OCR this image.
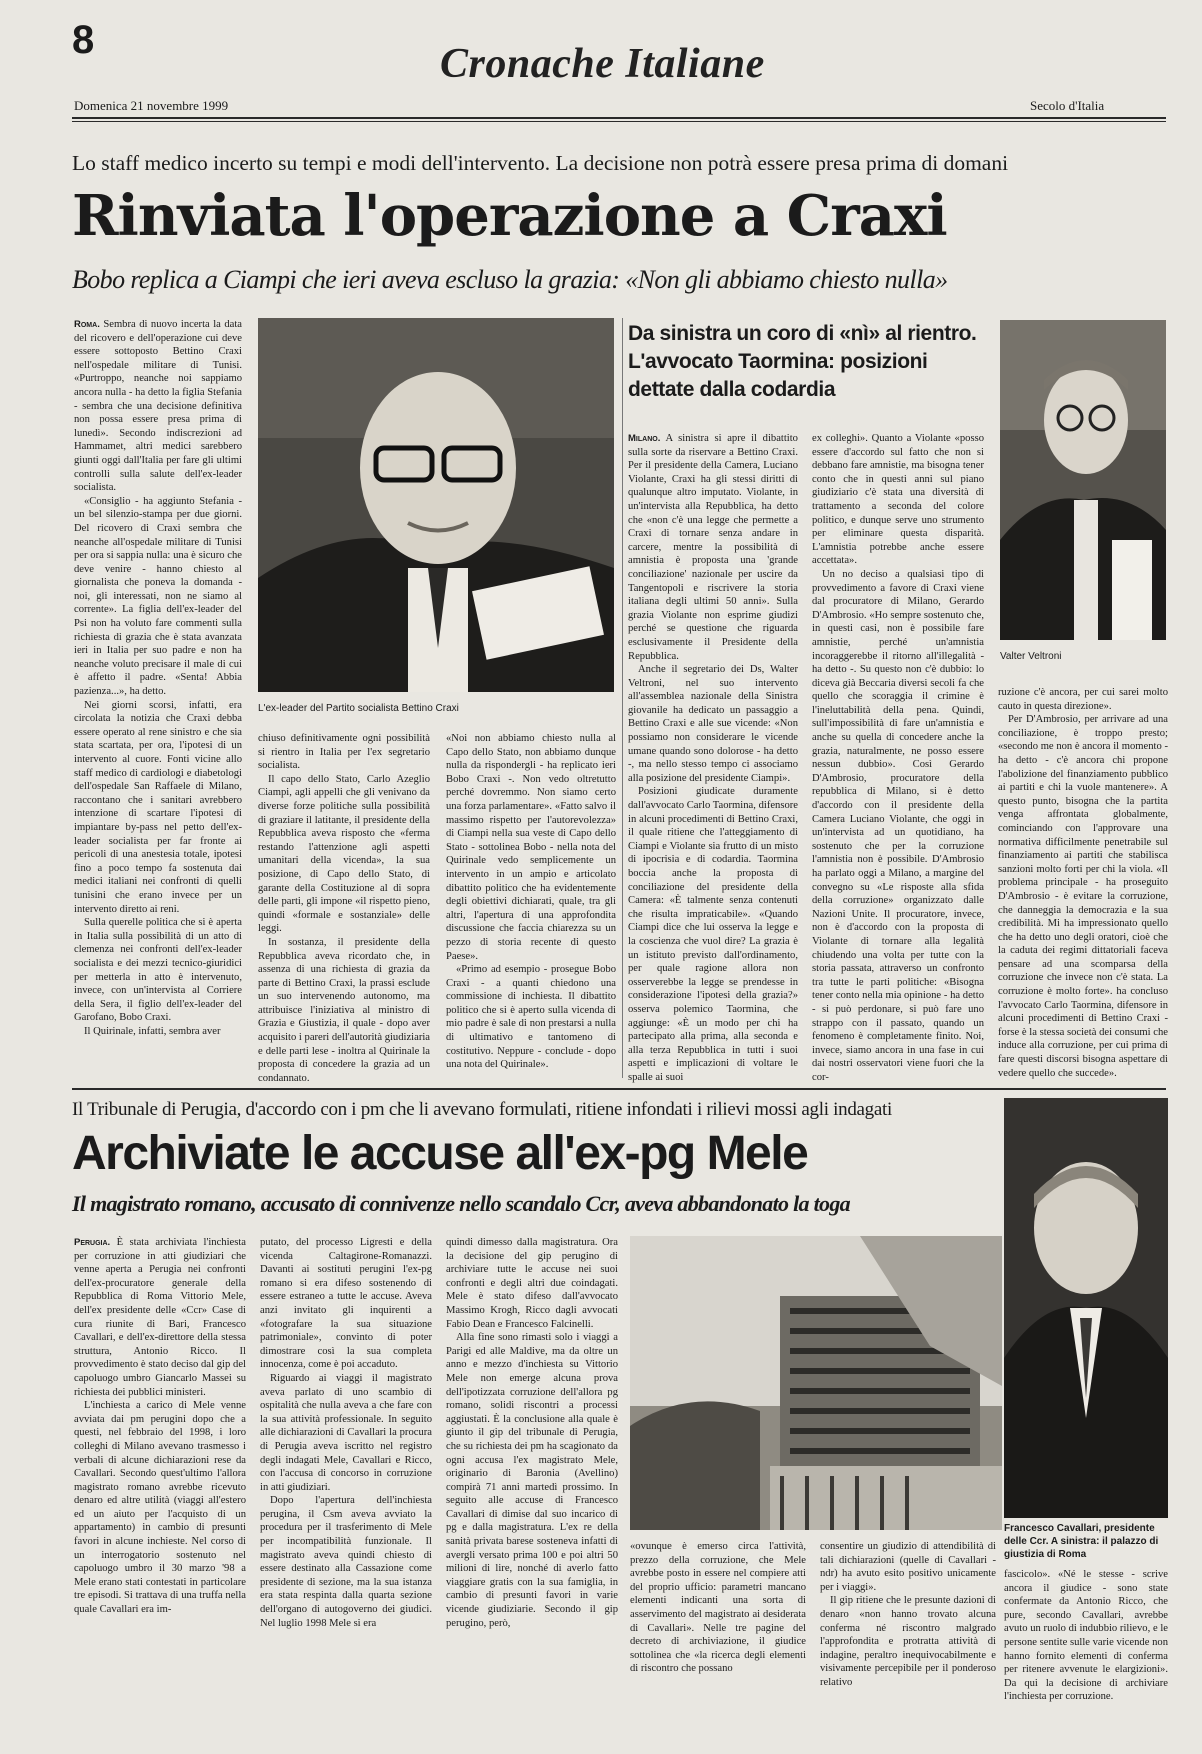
8
Cronache Italiane
Domenica 21 novembre 1999	Secolo d'Italia
Lo staff medico incerto su tempi e modi dell'intervento. La decisione non potrà essere presa prima di domani
Rinviata l'operazione a Craxi
Bobo replica a Ciampi che ieri aveva escluso la grazia: «Non gli abbiamo chiesto nulla»

Roma. Sembra di nuovo incerta la data del ricovero e dell'operazione cui deve essere sottoposto Bettino Craxi nell'ospedale militare di Tunisi. «Purtroppo, neanche noi sappiamo ancora nulla - ha detto la figlia Stefania - sembra che una decisione definitiva non possa essere presa prima di lunedì». Secondo indiscrezioni ad Hammamet, altri medici sarebbero giunti oggi dall'Italia per fare gli ultimi controlli sulla salute dell'ex-leader socialista.

«Consiglio - ha aggiunto Stefania - un bel silenzio-stampa per due giorni. Del ricovero di Craxi sembra che neanche all'ospedale militare di Tunisi per ora si sappia nulla: una è sicuro che deve venire - hanno chiesto al giornalista che poneva la domanda - noi, gli interessati, non ne siamo al corrente». La figlia dell'ex-leader del Psi non ha voluto fare commenti sulla richiesta di grazia che è stata avanzata ieri in Italia per suo padre e non ha neanche voluto precisare il male di cui è affetto il padre. «Senta! Abbia pazienza...», ha detto.

Nei giorni scorsi, infatti, era circolata la notizia che Craxi debba essere operato al rene sinistro e che sia stata scartata, per ora, l'ipotesi di un intervento al cuore. Fonti vicine allo staff medico di cardiologi e diabetologi dell'ospedale San Raffaele di Milano, raccontano che i sanitari avrebbero intenzione di scartare l'ipotesi di impiantare by-pass nel petto dell'ex-leader socialista per far fronte ai pericoli di una anestesia totale, ipotesi fino a poco tempo fa sostenuta dai medici italiani nei confronti di quelli tunisini che erano invece per un intervento diretto ai reni.

Sulla querelle politica che si è aperta in Italia sulla possibilità di un atto di clemenza nei confronti dell'ex-leader socialista e dei mezzi tecnico-giuridici per metterla in atto è intervenuto, invece, con un'intervista al Corriere della Sera, il figlio dell'ex-leader del Garofano, Bobo Craxi.

Il Quirinale, infatti, sembra aver

L'ex-leader del Partito socialista Bettino Craxi

chiuso definitivamente ogni possibilità si rientro in Italia per l'ex segretario socialista.

Il capo dello Stato, Carlo Azeglio Ciampi, agli appelli che gli venivano da diverse forze politiche sulla possibilità di graziare il latitante, il presidente della Repubblica aveva risposto che «ferma restando l'attenzione agli aspetti umanitari della vicenda», la sua posizione, di Capo dello Stato, di garante della Costituzione al di sopra delle parti, gli impone «il rispetto pieno, quindi «formale e sostanziale» delle leggi.

In sostanza, il presidente della Repubblica aveva ricordato che, in assenza di una richiesta di grazia da parte di Bettino Craxi, la prassi esclude un suo intervenendo autonomo, ma attribuisce l'iniziativa al ministro di Grazia e Giustizia, il quale - dopo aver acquisito i pareri dell'autorità giudiziaria e delle parti lese - inoltra al Quirinale la proposta di concedere la grazia ad un condannato.

«Noi non abbiamo chiesto nulla al Capo dello Stato, non abbiamo dunque nulla da rispondergli - ha replicato ieri Bobo Craxi -. Non vedo oltretutto perché dovremmo. Non siamo certo una forza parlamentare». «Fatto salvo il massimo rispetto per l'autorevolezza» di Ciampi nella sua veste di Capo dello Stato - sottolinea Bobo - nella nota del Quirinale vedo semplicemente un intervento in un ampio e articolato dibattito politico che ha evidentemente degli obiettivi dichiarati, quale, tra gli altri, l'apertura di una approfondita discussione che faccia chiarezza su un pezzo di storia recente di questo Paese».

«Primo ad esempio - prosegue Bobo Craxi - a quanti chiedono una commissione di inchiesta. Il dibattito politico che si è aperto sulla vicenda di mio padre è sale di non prestarsi a nulla di ultimativo e tantomeno di costitutivo. Neppure - conclude - dopo una nota del Quirinale».

Da sinistra un coro di «nì» al rientro. L'avvocato Taormina: posizioni dettate dalla codardia
Valter Veltroni

Milano. A sinistra si apre il dibattito sulla sorte da riservare a Bettino Craxi. Per il presidente della Camera, Luciano Violante, Craxi ha gli stessi diritti di qualunque altro imputato. Violante, in un'intervista alla Repubblica, ha detto che «non c'è una legge che permette a Craxi di tornare senza andare in carcere, mentre la possibilità di amnistia è proposta una 'grande conciliazione' nazionale per uscire da Tangentopoli e riscrivere la storia italiana degli ultimi 50 anni». Sulla grazia Violante non esprime giudizi perché se questione che riguarda esclusivamente il Presidente della Repubblica.

Anche il segretario dei Ds, Walter Veltroni, nel suo intervento all'assemblea nazionale della Sinistra giovanile ha dedicato un passaggio a Bettino Craxi e alle sue vicende: «Non possiamo non considerare le vicende umane quando sono dolorose - ha detto -, ma nello stesso tempo ci associamo alla posizione del presidente Ciampi».

Posizioni giudicate duramente dall'avvocato Carlo Taormina, difensore in alcuni procedimenti di Bettino Craxi, il quale ritiene che l'atteggiamento di Ciampi e Violante sia frutto di un misto di ipocrisia e di codardia. Taormina boccia anche la proposta di conciliazione del presidente della Camera: «È talmente senza contenuti che risulta impraticabile». «Quando Ciampi dice che lui osserva la legge e la coscienza che vuol dire? La grazia è un istituto previsto dall'ordinamento, per quale ragione allora non osserverebbe la legge se prendesse in considerazione l'ipotesi della grazia?» osserva polemico Taormina, che aggiunge: «È un modo per chi ha partecipato alla prima, alla seconda e alla terza Repubblica in tutti i suoi aspetti e implicazioni di voltare le spalle ai suoi

ex colleghi». Quanto a Violante «posso essere d'accordo sul fatto che non si debbano fare amnistie, ma bisogna tener conto che in questi anni sul piano giudiziario c'è stata una diversità di trattamento a seconda del colore politico, e dunque serve uno strumento per eliminare questa disparità. L'amnistia potrebbe anche essere accettata».

Un no deciso a qualsiasi tipo di provvedimento a favore di Craxi viene dal procuratore di Milano, Gerardo D'Ambrosio. «Ho sempre sostenuto che, in questi casi, non è possibile fare amnistie, perché un'amnistia incoraggerebbe il ritorno all'illegalità - ha detto -. Su questo non c'è dubbio: lo diceva già Beccaria diversi secoli fa che quello che scoraggia il crimine è l'ineluttabilità della pena. Quindi, sull'impossibilità di fare un'amnistia e anche su quella di concedere anche la grazia, naturalmente, ne posso essere nessun dubbio». Così Gerardo D'Ambrosio, procuratore della repubblica di Milano, si è detto d'accordo con il presidente della Camera Luciano Violante, che oggi in un'intervista ad un quotidiano, ha sostenuto che per la corruzione l'amnistia non è possibile. D'Ambrosio ha parlato oggi a Milano, a margine del convegno su «Le risposte alla sfida della corruzione» organizzato dalle Nazioni Unite. Il procuratore, invece, non è d'accordo con la proposta di Violante di tornare alla legalità chiudendo una volta per tutte con la storia passata, attraverso un confronto tra tutte le parti politiche: «Bisogna tener conto nella mia opinione - ha detto - si può perdonare, si può fare uno strappo con il passato, quando un fenomeno è completamente finito. Noi, invece, siamo ancora in una fase in cui dai nostri osservatori viene fuori che la cor-

ruzione c'è ancora, per cui sarei molto cauto in questa direzione».

Per D'Ambrosio, per arrivare ad una conciliazione, è troppo presto; «secondo me non è ancora il momento - ha detto - c'è ancora chi propone l'abolizione del finanziamento pubblico ai partiti e chi la vuole mantenere». A questo punto, bisogna che la partita venga affrontata globalmente, cominciando con l'approvare una normativa difficilmente penetrabile sul finanziamento ai partiti che stabilisca sanzioni molto forti per chi la viola. «Il problema principale - ha proseguito D'Ambrosio - è evitare la corruzione, che danneggia la democrazia e la sua credibilità. Mi ha impressionato quello che ha detto uno degli oratori, cioè che la caduta dei regimi dittatoriali faceva pensare ad una scomparsa della corruzione che invece non c'è stata. La corruzione è molto forte». ha concluso l'avvocato Carlo Taormina, difensore in alcuni procedimenti di Bettino Craxi - forse è la stessa società dei consumi che induce alla corruzione, per cui prima di fare questi discorsi bisogna aspettare di vedere quello che succede».

Il Tribunale di Perugia, d'accordo con i pm che li avevano formulati, ritiene infondati i rilievi mossi agli indagati
Archiviate le accuse all'ex-pg Mele
Il magistrato romano, accusato di connivenze nello scandalo Ccr, aveva abbandonato la toga
Francesco Cavallari, presidente delle Ccr. A sinistra: il palazzo di giustizia di Roma

Perugia. È stata archiviata l'inchiesta per corruzione in atti giudiziari che venne aperta a Perugia nei confronti dell'ex-procuratore generale della Repubblica di Roma Vittorio Mele, dell'ex presidente delle «Ccr» Case di cura riunite di Bari, Francesco Cavallari, e dell'ex-direttore della stessa struttura, Antonio Ricco. Il provvedimento è stato deciso dal gip del capoluogo umbro Giancarlo Massei su richiesta dei pubblici ministeri.

L'inchiesta a carico di Mele venne avviata dai pm perugini dopo che a questi, nel febbraio del 1998, i loro colleghi di Milano avevano trasmesso i verbali di alcune dichiarazioni rese da Cavallari. Secondo quest'ultimo l'allora magistrato romano avrebbe ricevuto denaro ed altre utilità (viaggi all'estero ed un aiuto per l'acquisto di un appartamento) in cambio di presunti favori in alcune inchieste. Nel corso di un interrogatorio sostenuto nel capoluogo umbro il 30 marzo '98 a Mele erano stati contestati in particolare tre episodi. Si trattava di una truffa nella quale Cavallari era im-

putato, del processo Ligresti e della vicenda Caltagirone-Romanazzi. Davanti ai sostituti perugini l'ex-pg romano si era difeso sostenendo di essere estraneo a tutte le accuse. Aveva anzi invitato gli inquirenti a «fotografare la sua situazione patrimoniale», convinto di poter dimostrare così la sua completa innocenza, come è poi accaduto.

Riguardo ai viaggi il magistrato aveva parlato di uno scambio di ospitalità che nulla aveva a che fare con la sua attività professionale. In seguito alle dichiarazioni di Cavallari la procura di Perugia aveva iscritto nel registro degli indagati Mele, Cavallari e Ricco, con l'accusa di concorso in corruzione in atti giudiziari.

Dopo l'apertura dell'inchiesta perugina, il Csm aveva avviato la procedura per il trasferimento di Mele per incompatibilità funzionale. Il magistrato aveva quindi chiesto di essere destinato alla Cassazione come presidente di sezione, ma la sua istanza era stata respinta dalla quarta sezione dell'organo di autogoverno dei giudici. Nel luglio 1998 Mele si era

quindi dimesso dalla magistratura. Ora la decisione del gip perugino di archiviare tutte le accuse nei suoi confronti e degli altri due coindagati. Mele è stato difeso dall'avvocato Massimo Krogh, Ricco dagli avvocati Fabio Dean e Francesco Falcinelli.

Alla fine sono rimasti solo i viaggi a Parigi ed alle Maldive, ma da oltre un anno e mezzo d'inchiesta su Vittorio Mele non emerge alcuna prova dell'ipotizzata corruzione dell'allora pg romano, solidi riscontri a processi aggiustati. È la conclusione alla quale è giunto il gip del tribunale di Perugia, che su richiesta dei pm ha scagionato da ogni accusa l'ex magistrato Mele, originario di Baronia (Avellino) compirà 71 anni martedì prossimo. In seguito alle accuse di Francesco Cavallari di dimise dal suo incarico di pg e dalla magistratura. L'ex re della sanità privata barese sosteneva infatti di avergli versato prima 100 e poi altri 50 milioni di lire, nonché di averlo fatto viaggiare gratis con la sua famiglia, in cambio di presunti favori in varie vicende giudiziarie. Secondo il gip perugino, però,

«ovunque è emerso circa l'attività, prezzo della corruzione, che Mele avrebbe posto in essere nel compiere atti del proprio ufficio: parametri mancano elementi indicanti una sorta di asservimento del magistrato ai desiderata di Cavallari». Nelle tre pagine del decreto di archiviazione, il giudice sottolinea che «la ricerca degli elementi di riscontro che possano

consentire un giudizio di attendibilità di tali dichiarazioni (quelle di Cavallari - ndr) ha avuto esito positivo unicamente per i viaggi».

Il gip ritiene che le presunte dazioni di denaro «non hanno trovato alcuna conferma né riscontro malgrado l'approfondita e protratta attività di indagine, peraltro inequivocabilmente e visivamente percepibile per il ponderoso relativo

fascicolo». «Né le stesse - scrive ancora il giudice - sono state confermate da Antonio Ricco, che pure, secondo Cavallari, avrebbe avuto un ruolo di indubbio rilievo, e le persone sentite sulle varie vicende non hanno fornito elementi di conferma per ritenere avvenute le elargizioni». Da qui la decisione di archiviare l'inchiesta per corruzione.
